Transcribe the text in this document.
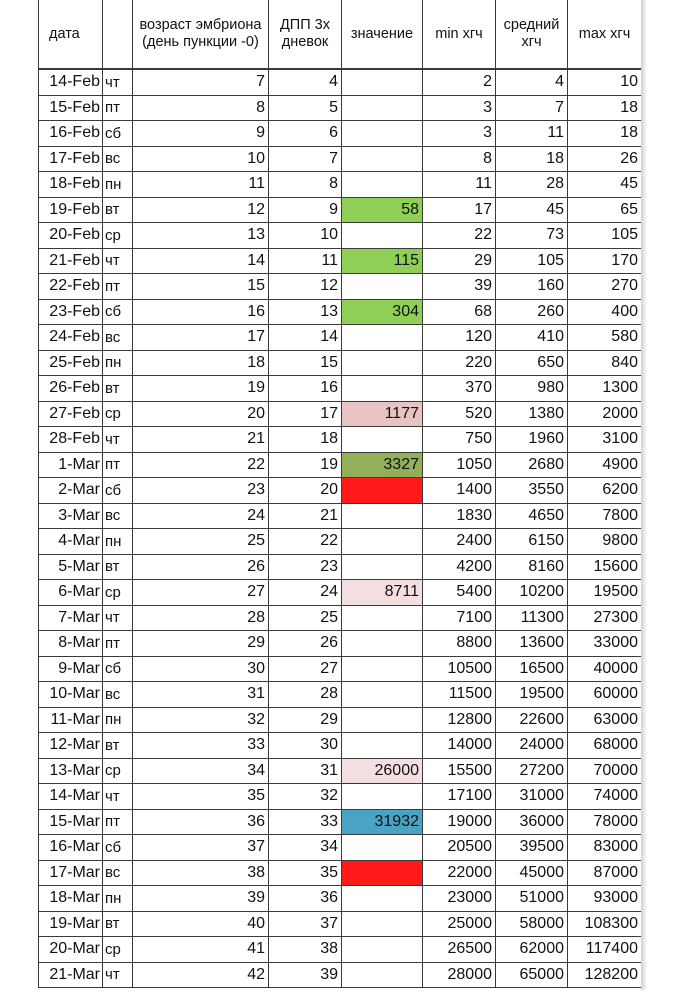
дата		возраст эмбриона (день пункции -0)	ДПП 3х дневок	значение	min хгч	средний хгч	max хгч
14-Feb	чт	7	4		2	4	10
15-Feb	пт	8	5		3	7	18
16-Feb	сб	9	6		3	11	18
17-Feb	вс	10	7		8	18	26
18-Feb	пн	11	8		11	28	45
19-Feb	вт	12	9	58	17	45	65
20-Feb	ср	13	10		22	73	105
21-Feb	чт	14	11	115	29	105	170
22-Feb	пт	15	12		39	160	270
23-Feb	сб	16	13	304	68	260	400
24-Feb	вс	17	14		120	410	580
25-Feb	пн	18	15		220	650	840
26-Feb	вт	19	16		370	980	1300
27-Feb	ср	20	17	1177	520	1380	2000
28-Feb	чт	21	18		750	1960	3100
1-Mar	пт	22	19	3327	1050	2680	4900
2-Mar	сб	23	20		1400	3550	6200
3-Mar	вс	24	21		1830	4650	7800
4-Mar	пн	25	22		2400	6150	9800
5-Mar	вт	26	23		4200	8160	15600
6-Mar	ср	27	24	8711	5400	10200	19500
7-Mar	чт	28	25		7100	11300	27300
8-Mar	пт	29	26		8800	13600	33000
9-Mar	сб	30	27		10500	16500	40000
10-Mar	вс	31	28		11500	19500	60000
11-Mar	пн	32	29		12800	22600	63000
12-Mar	вт	33	30		14000	24000	68000
13-Mar	ср	34	31	26000	15500	27200	70000
14-Mar	чт	35	32		17100	31000	74000
15-Mar	пт	36	33	31932	19000	36000	78000
16-Mar	сб	37	34		20500	39500	83000
17-Mar	вс	38	35		22000	45000	87000
18-Mar	пн	39	36		23000	51000	93000
19-Mar	вт	40	37		25000	58000	108300
20-Mar	ср	41	38		26500	62000	117400
21-Mar	чт	42	39		28000	65000	128200
